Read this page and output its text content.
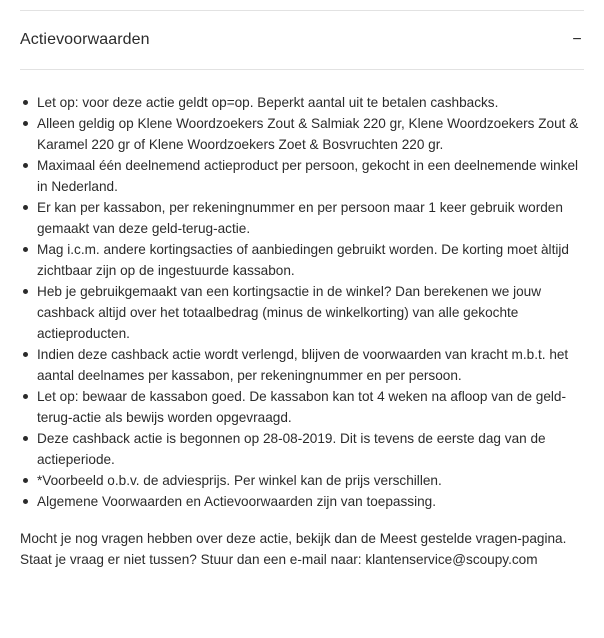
Actievoorwaarden	−
Let op: voor deze actie geldt op=op. Beperkt aantal uit te betalen cashbacks.
Alleen geldig op Klene Woordzoekers Zout & Salmiak 220 gr, Klene Woordzoekers Zout & Karamel 220 gr of Klene Woordzoekers Zoet & Bosvruchten 220 gr.
Maximaal één deelnemend actieproduct per persoon, gekocht in een deelnemende winkel in Nederland.
Er kan per kassabon, per rekeningnummer en per persoon maar 1 keer gebruik worden gemaakt van deze geld-terug-actie.
Mag i.c.m. andere kortingsacties of aanbiedingen gebruikt worden. De korting moet àltijd zichtbaar zijn op de ingestuurde kassabon.
Heb je gebruikgemaakt van een kortingsactie in de winkel? Dan berekenen we jouw cashback altijd over het totaalbedrag (minus de winkelkorting) van alle gekochte actieproducten.
Indien deze cashback actie wordt verlengd, blijven de voorwaarden van kracht m.b.t. het aantal deelnames per kassabon, per rekeningnummer en per persoon.
Let op: bewaar de kassabon goed. De kassabon kan tot 4 weken na afloop van de geld-terug-actie als bewijs worden opgevraagd.
Deze cashback actie is begonnen op 28-08-2019. Dit is tevens de eerste dag van de actieperiode.
*Voorbeeld o.b.v. de adviesprijs. Per winkel kan de prijs verschillen.
Algemene Voorwaarden en Actievoorwaarden zijn van toepassing.

Mocht je nog vragen hebben over deze actie, bekijk dan de Meest gestelde vragen-pagina. Staat je vraag er niet tussen? Stuur dan een e-mail naar: klantenservice@scoupy.com
